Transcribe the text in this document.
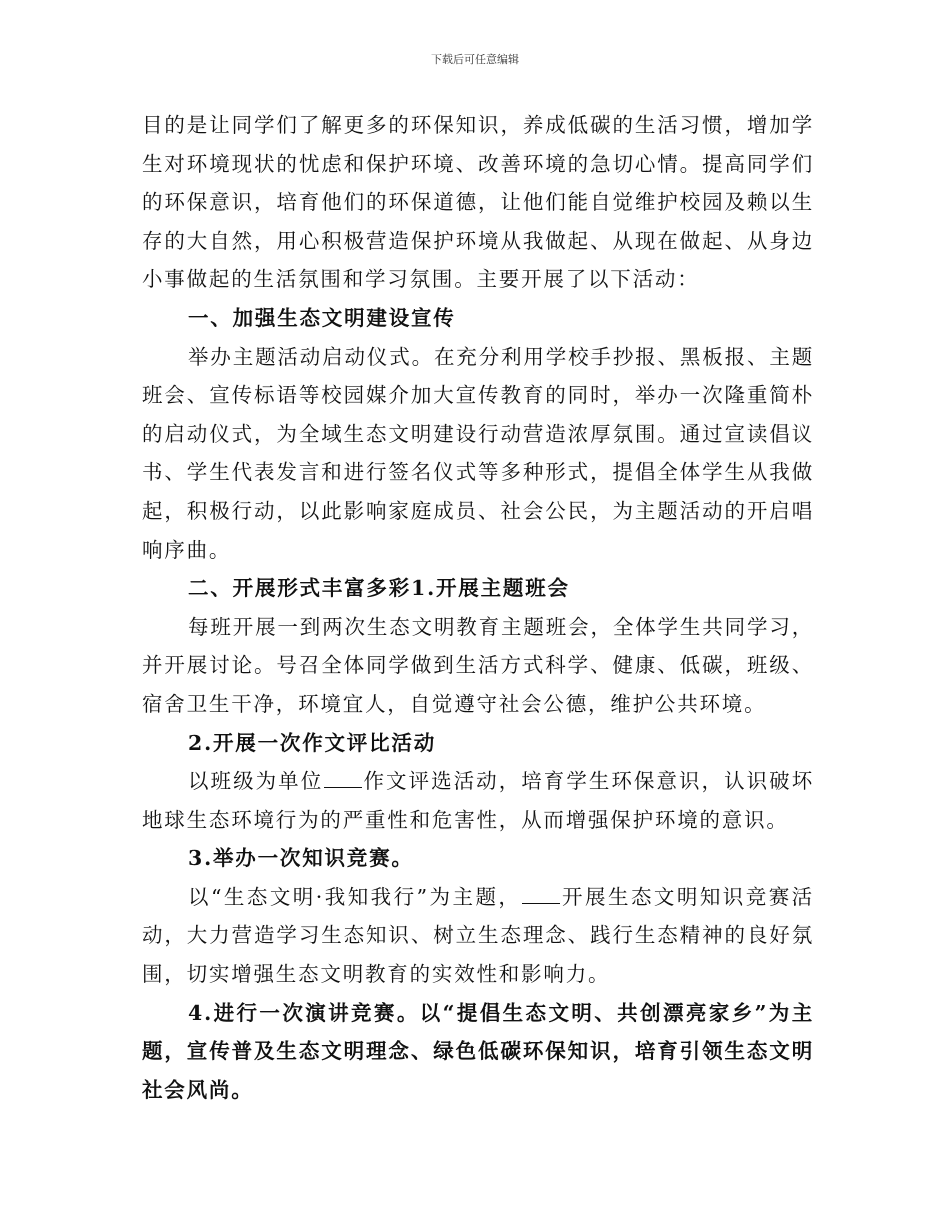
下载后可任意编辑

目的是让同学们了解更多的环保知识，养成低碳的生活习惯，增加学生对环境现状的忧虑和保护环境、改善环境的急切心情。提高同学们的环保意识，培育他们的环保道德，让他们能自觉维护校园及赖以生存的大自然，用心积极营造保护环境从我做起、从现在做起、从身边小事做起的生活氛围和学习氛围。主要开展了以下活动：

一、加强生态文明建设宣传

举办主题活动启动仪式。在充分利用学校手抄报、黑板报、主题班会、宣传标语等校园媒介加大宣传教育的同时，举办一次隆重简朴的启动仪式，为全域生态文明建设行动营造浓厚氛围。通过宣读倡议书、学生代表发言和进行签名仪式等多种形式，提倡全体学生从我做起，积极行动，以此影响家庭成员、社会公民，为主题活动的开启唱响序曲。

二、开展形式丰富多彩1.开展主题班会

每班开展一到两次生态文明教育主题班会，全体学生共同学习，并开展讨论。号召全体同学做到生活方式科学、健康、低碳，班级、宿舍卫生干净，环境宜人，自觉遵守社会公德，维护公共环境。

2.开展一次作文评比活动

以班级为单位 作文评选活动，培育学生环保意识，认识破坏地球生态环境行为的严重性和危害性，从而增强保护环境的意识。

3.举办一次知识竞赛。

以“生态文明·我知我行”为主题， 开展生态文明知识竞赛活动，大力营造学习生态知识、树立生态理念、践行生态精神的良好氛围，切实增强生态文明教育的实效性和影响力。

4.进行一次演讲竞赛。以“提倡生态文明、共创漂亮家乡”为主题，宣传普及生态文明理念、绿色低碳环保知识，培育引领生态文明社会风尚。
